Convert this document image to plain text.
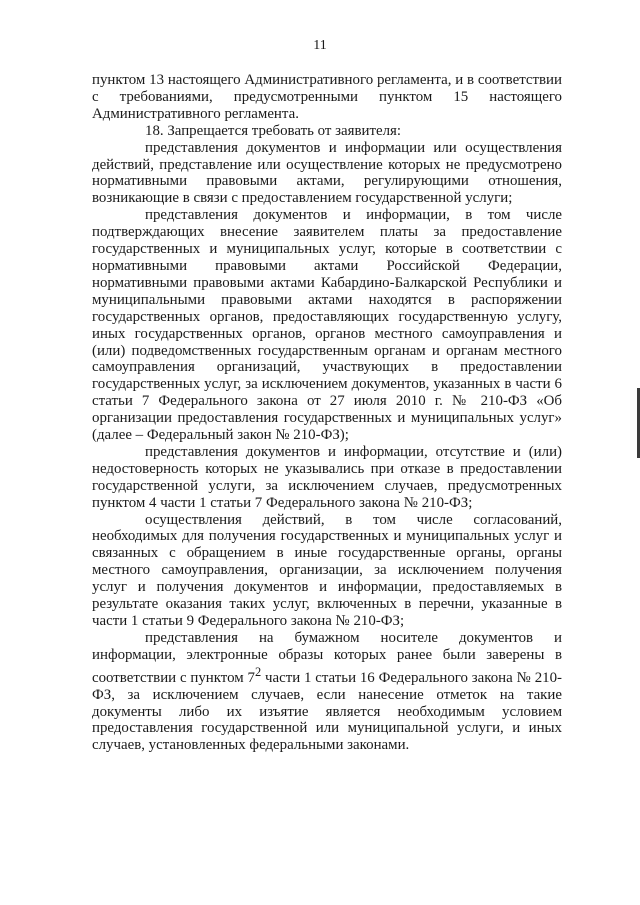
11

пунктом 13 настоящего Административного регламента, и в соответствии с требованиями, предусмотренными пунктом 15 настоящего Административного регламента.

18. Запрещается требовать от заявителя:

представления документов и информации или осуществления действий, представление или осуществление которых не предусмотрено нормативными правовыми актами, регулирующими отношения, возникающие в связи с предоставлением государственной услуги;

представления документов и информации, в том числе подтверждающих внесение заявителем платы за предоставление государственных и муниципальных услуг, которые в соответствии с нормативными правовыми актами Российской Федерации, нормативными правовыми актами Кабардино-Балкарской Республики и муниципальными правовыми актами находятся в распоряжении государственных органов, предоставляющих государственную услугу, иных государственных органов, органов местного самоуправления и (или) подведомственных государственным органам и органам местного самоуправления организаций, участвующих в предоставлении государственных услуг, за исключением документов, указанных в части 6 статьи 7 Федерального закона от 27 июля 2010 г. № 210-ФЗ «Об организации предоставления государственных и муниципальных услуг» (далее – Федеральный закон № 210-ФЗ);

представления документов и информации, отсутствие и (или) недостоверность которых не указывались при отказе в предоставлении государственной услуги, за исключением случаев, предусмотренных пунктом 4 части 1 статьи 7 Федерального закона № 210-ФЗ;

осуществления действий, в том числе согласований, необходимых для получения государственных и муниципальных услуг и связанных с обращением в иные государственные органы, органы местного самоуправления, организации, за исключением получения услуг и получения документов и информации, предоставляемых в результате оказания таких услуг, включенных в перечни, указанные в части 1 статьи 9 Федерального закона № 210-ФЗ;

представления на бумажном носителе документов и информации, электронные образы которых ранее были заверены в соответствии с пунктом $7^2$ части 1 статьи 16 Федерального закона № 210-ФЗ, за исключением случаев, если нанесение отметок на такие документы либо их изъятие является необходимым условием предоставления государственной или муниципальной услуги, и иных случаев, установленных федеральными законами.
